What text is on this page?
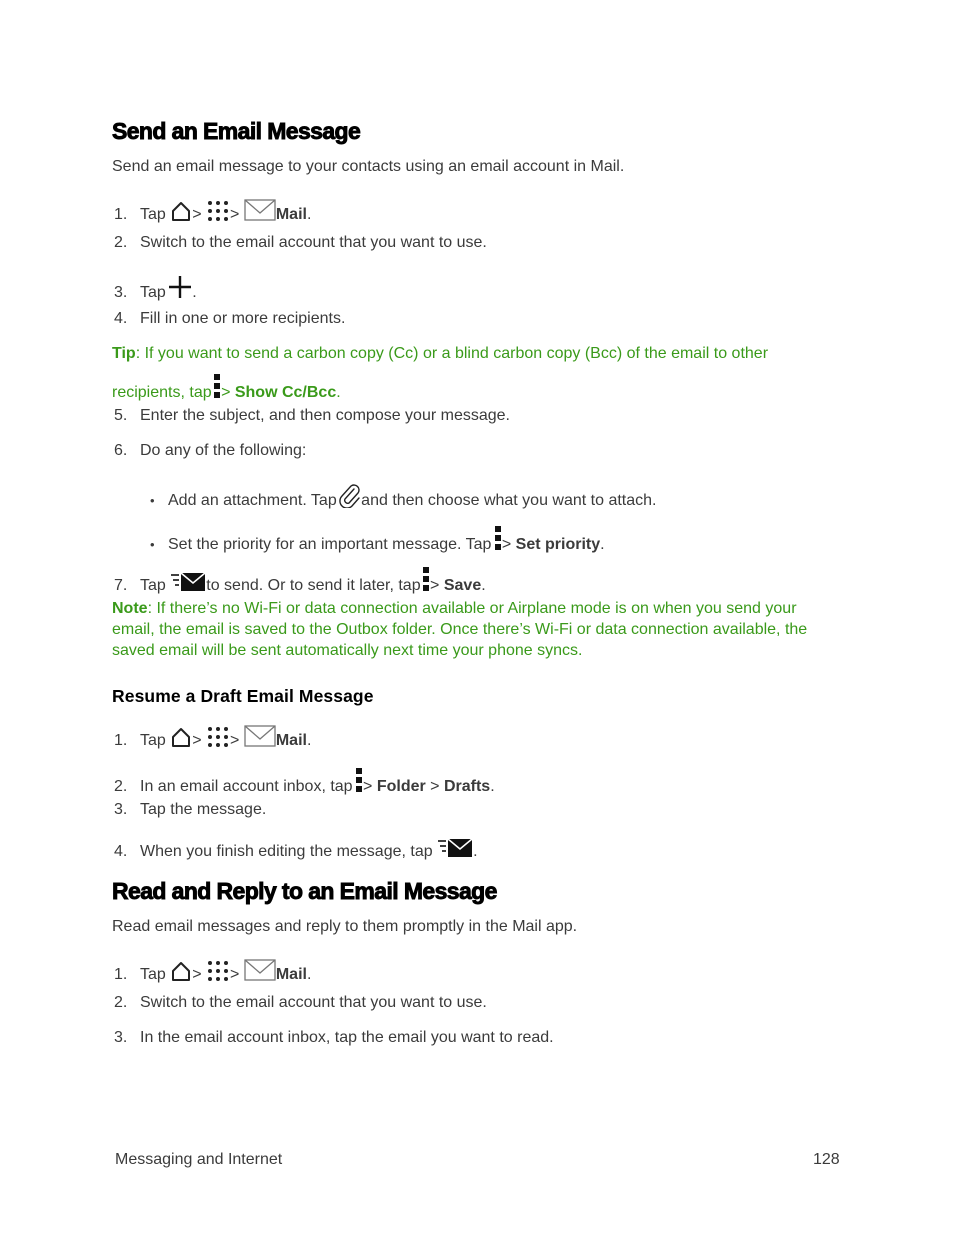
Send an Email Message
Send an email message to your contacts using an email account in Mail.
1. Tap > > Mail.
2. Switch to the email account that you want to use.
3. Tap .
4. Fill in one or more recipients.
Tip: If you want to send a carbon copy (Cc) or a blind carbon copy (Bcc) of the email to other
recipients, tap > Show Cc/Bcc.
5. Enter the subject, and then compose your message.
6. Do any of the following:
• Add an attachment. Tap and then choose what you want to attach.
• Set the priority for an important message. Tap > Set priority.
7. Tap	to send. Or to send it later, tap > Save.
Note: If there’s no Wi-Fi or data connection available or Airplane mode is on when you send your
email, the email is saved to the Outbox folder. Once there’s Wi-Fi or data connection available, the
saved email will be sent automatically next time your phone syncs.
Resume a Draft Email Message
1. Tap > > Mail.
2. In an email account inbox, tap > Folder > Drafts.
3. Tap the message.
4. When you finish editing the message, tap	.
Read and Reply to an Email Message
Read email messages and reply to them promptly in the Mail app.
1. Tap > > Mail.
2. Switch to the email account that you want to use.
3. In the email account inbox, tap the email you want to read.
Messaging and Internet	128
